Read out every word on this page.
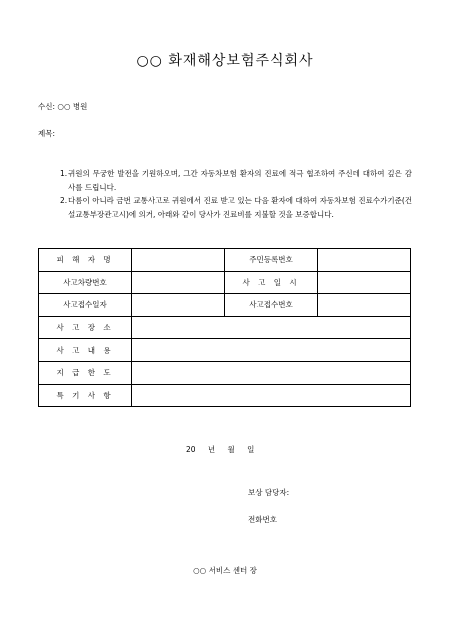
○○ 화재해상보험주식회사
수신: ○○ 병원
제목:
1. 귀원의 무궁한 발전을 기원하오며, 그간 자동차보험 환자의 진료에 적극 협조하여 주신데 대하여 깊은 감사를 드립니다.
2. 다름이 아니라 금번 교통사고로 귀원에서 진료 받고 있는 다음 환자에 대하여 자동차보험 진료수가기준(건설교통부장관고시)에 의거, 아래와 같이 당사가 진료비를 지불할 것을 보증합니다.
피 해 자 명		주민등록번호	
사고차량번호		사 고 일 시	
사고접수일자		사고접수번호	
사 고 장 소			
사 고 내 용			
지 급 한 도			
특 기 사 항			
20 년 월 일
보상 담당자:
전화번호
○○ 서비스 센터 장
